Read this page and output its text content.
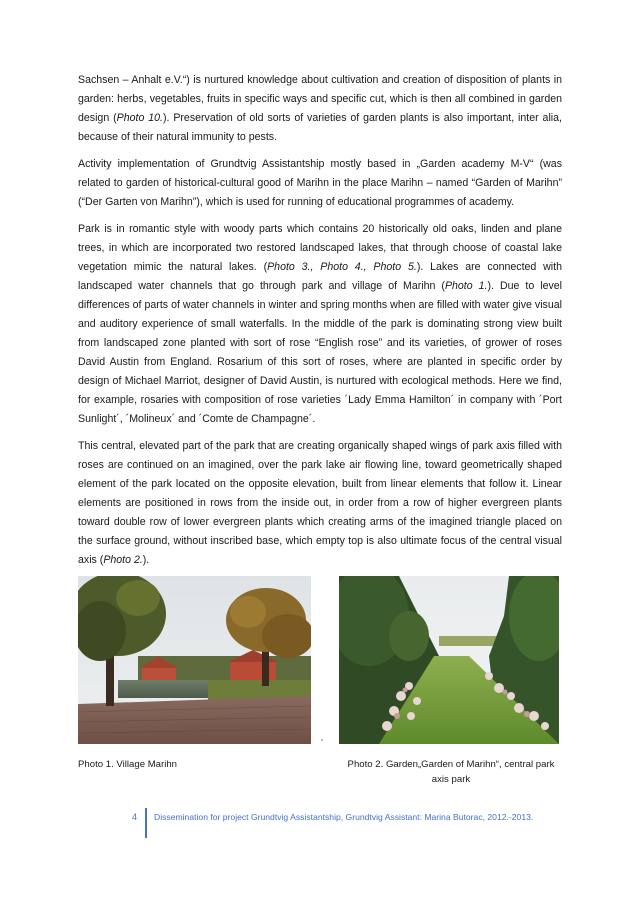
Sachsen – Anhalt e.V.“) is nurtured knowledge about cultivation and creation of disposition of plants in garden: herbs, vegetables, fruits in specific ways and specific cut, which is then all combined in garden design (Photo 10.). Preservation of old sorts of varieties of garden plants is also important, inter alia, because of their natural immunity to pests.

Activity implementation of Grundtvig Assistantship mostly based in „Garden academy M-V“ (was related to garden of historical-cultural good of Marihn in the place Marihn – named “Garden of Marihn” (“Der Garten von Marihn”), which is used for running of educational programmes of academy.

Park is in romantic style with woody parts which contains 20 historically old oaks, linden and plane trees, in which are incorporated two restored landscaped lakes, that through choose of coastal lake vegetation mimic the natural lakes. (Photo 3., Photo 4., Photo 5.). Lakes are connected with landscaped water channels that go through park and village of Marihn (Photo 1.). Due to level differences of parts of water channels in winter and spring months when are filled with water give visual and auditory experience of small waterfalls. In the middle of the park is dominating strong view built from landscaped zone planted with sort of rose “English rose” and its varieties, of grower of roses David Austin from England. Rosarium of this sort of roses, where are planted in specific order by design of Michael Marriot, designer of David Austin, is nurtured with ecological methods. Here we find, for example, rosaries with composition of rose varieties ´Lady Emma Hamilton´ in company with ´Port Sunlight´, ´Molineux´ and ´Comte de Champagne´.

This central, elevated part of the park that are creating organically shaped wings of park axis filled with roses are continued on an imagined, over the park lake air flowing line, toward geometrically shaped element of the park located on the opposite elevation, built from linear elements that follow it. Linear elements are positioned in rows from the inside out, in order from a row of higher evergreen plants toward double row of lower evergreen plants which creating arms of the imagined triangle placed on the surface ground, without inscribed base, which empty top is also ultimate focus of the central visual axis (Photo 2.).

Photo 1. Village Marihn	Photo 2. Garden„Garden of Marihn“, central park axis park
4 Dissemination for project Grundtvig Assistantship, Grundtvig Assistant: Marina Butorac, 2012.-2013.
